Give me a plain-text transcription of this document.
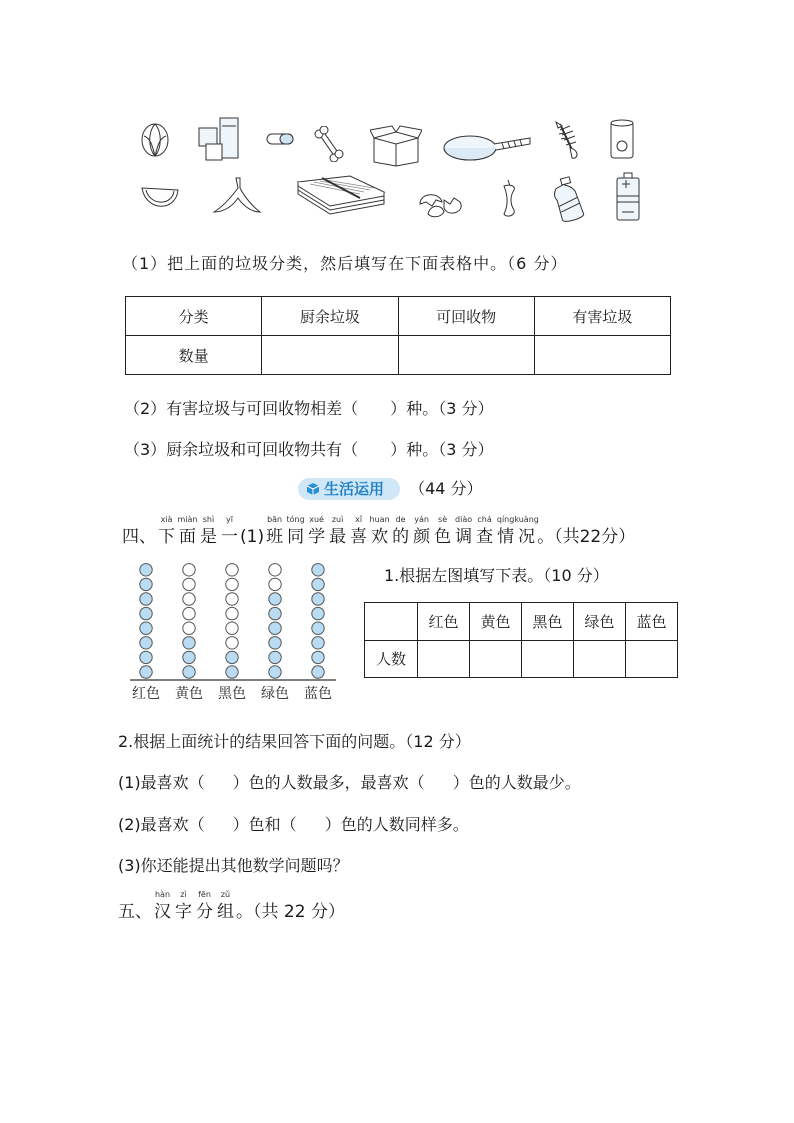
（1）把上面的垃圾分类，然后填写在下面表格中。（6 分）
分类	厨余垃圾	可回收物	有害垃圾
数量			
（2）有害垃圾与可回收物相差（ ）种。（3 分）
（3）厨余垃圾和可回收物共有（ ）种。（3 分）
生活运用 （44 分）
四、
xià
下
miàn
面
shì
是
yī
一(1)
bān
班
tóng
同
xué
学
zuì
最
xǐ
喜
huan
欢
de
的
yán
颜
sè
色
diào
调
chá
查
qíng
情
kuàng
况 。（共22分）
红色 黄色 黑色 绿色 蓝色
1.根据左图填写下表。（10 分）
	红色	黄色	黑色	绿色	蓝色
人数					
2.根据上面统计的结果回答下面的问题。（12 分）
(1)最喜欢（ ）色的人数最多，最喜欢（ ）色的人数最少。
(2)最喜欢（ ）色和（ ）色的人数同样多。
(3)你还能提出其他数学问题吗？
五、
hàn
汉
zì
字
fēn
分
zǔ
组 。（共 22 分）
